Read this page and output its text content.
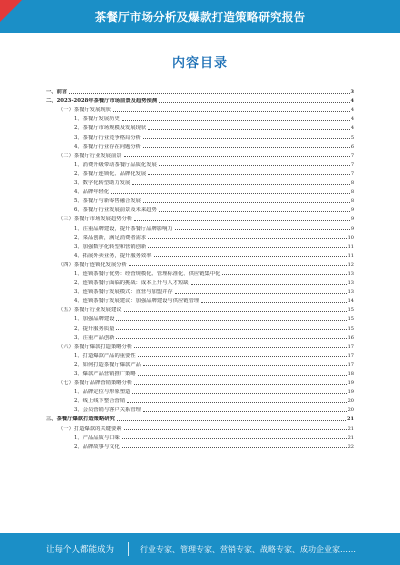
茶餐厅市场分析及爆款打造策略研究报告
内容目录
一、前言	3
二、2023-2028年茶餐厅市场前景及趋势预测	4
（一）茶餐厅发展现状	4
1、茶餐厅发展历史	4
2、茶餐厅市场规模及发展现状	4
3、茶餐厅行业竞争格局分析	5
4、茶餐厅行业存在问题分析	6
（二）茶餐厅行业发展前景	7
1、消费升级带动茶餐厅品质化发展	7
2、茶餐厅连锁化、品牌化发展	7
3、数字化转型助力发展	8
4、品牌年轻化	8
5、茶餐厅与新零售融合发展	8
6、茶餐厅行业发展前景及未来趋势	9
（三）茶餐厅市场发展趋势分析	9
1、注重品牌建设，提升茶餐厅品牌影响力	9
2、菜品创新，满足消费者需求	10
3、加强数字化转型和营销创新	11
4、拓展外卖业务，提升服务效率	11
（四）茶餐厅连锁化发展分析	12
1、连锁茶餐厅优势：经营规模化、管理标准化、供应链集中化	13
2、连锁茶餐厅面临的挑战：成本上升与人才短缺	13
3、连锁茶餐厅发展模式：直营与加盟并存	13
4、连锁茶餐厅发展建议：加强品牌建设与供应链管理	14
（五）茶餐厅行业发展建议	15
1、加强品牌建设	15
2、提升服务质量	15
3、注重产品创新	16
（六）茶餐厅爆款打造策略分析	17
1、打造爆款产品的重要性	17
2、如何打造茶餐厅爆款产品	17
3、爆款产品营销推广策略	18
（七）茶餐厅品牌营销策略分析	19
1、品牌定位与形象塑造	19
2、线上线下整合营销	20
3、会员营销与客户关系管理	20
三、茶餐厅爆款打造策略研究	21
（一）打造爆款的关键要素	21
1、产品品质与口味	21
2、品牌故事与文化	22
让每个人都能成为	行业专家、管理专家、营销专家、战略专家、成功企业家……
